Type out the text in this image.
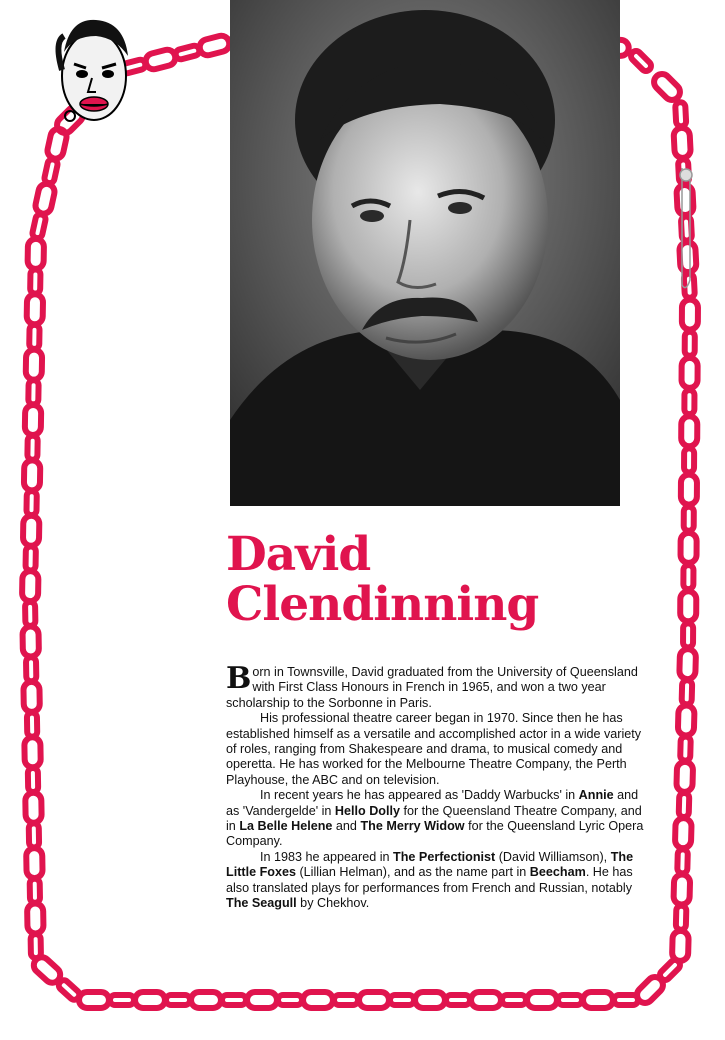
David
Clendinning

Born in Townsville, David graduated from the University of Queensland with First Class Honours in French in 1965, and won a two year scholarship to the Sorbonne in Paris.

His professional theatre career began in 1970. Since then he has established himself as a versatile and accomplished actor in a wide variety of roles, ranging from Shakespeare and drama, to musical comedy and operetta. He has worked for the Melbourne Theatre Company, the Perth Playhouse, the ABC and on television.

In recent years he has appeared as 'Daddy Warbucks' in Annie and as 'Vandergelde' in Hello Dolly for the Queensland Theatre Company, and in La Belle Helene and The Merry Widow for the Queensland Lyric Opera Company.

In 1983 he appeared in The Perfectionist (David Williamson), The Little Foxes (Lillian Helman), and as the name part in Beecham. He has also translated plays for performances from French and Russian, notably The Seagull by Chekhov.
